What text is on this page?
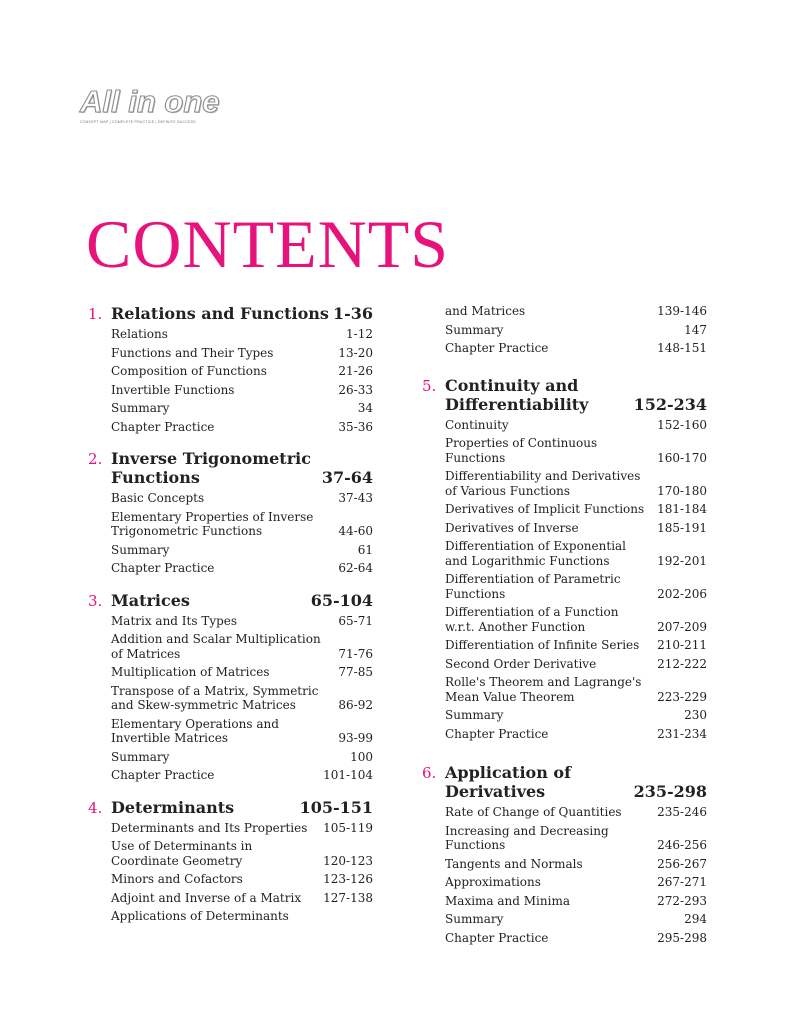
All in one
CONCEPT MAP | COMPLETE PRACTICE | DEFINITE SUCCESS
CONTENTS
1. Relations and Functions 1-36
Relations	1-12
Functions and Their Types	13-20
Composition of Functions	21-26
Invertible Functions	26-33
Summary	34
Chapter Practice	35-36
2. Inverse Trigonometric
Functions	37-64
Basic Concepts	37-43
Elementary Properties of Inverse Trigonometric Functions	44-60
Summary	61
Chapter Practice	62-64
3. Matrices	65-104
Matrix and Its Types	65-71
Addition and Scalar Multiplication of Matrices	71-76
Multiplication of Matrices	77-85
Transpose of a Matrix, Symmetric and Skew-symmetric Matrices	86-92
Elementary Operations and Invertible Matrices	93-99
Summary	100
Chapter Practice	101-104
4. Determinants	105-151
Determinants and Its Properties	105-119
Use of Determinants in Coordinate Geometry	120-123
Minors and Cofactors	123-126
Adjoint and Inverse of a Matrix	127-138
Applications of Determinants
and Matrices	139-146
Summary	147
Chapter Practice	148-151
5. Continuity and
Differentiability	152-234
Continuity	152-160
Properties of Continuous Functions	160-170
Differentiability and Derivatives of Various Functions	170-180
Derivatives of Implicit Functions	181-184
Derivatives of Inverse	185-191
Differentiation of Exponential and Logarithmic Functions	192-201
Differentiation of Parametric Functions	202-206
Differentiation of a Function w.r.t. Another Function	207-209
Differentiation of Infinite Series	210-211
Second Order Derivative	212-222
Rolle's Theorem and Lagrange's Mean Value Theorem	223-229
Summary	230
Chapter Practice	231-234
6. Application of Derivatives	235-298
Rate of Change of Quantities	235-246
Increasing and Decreasing Functions	246-256
Tangents and Normals	256-267
Approximations	267-271
Maxima and Minima	272-293
Summary	294
Chapter Practice	295-298
